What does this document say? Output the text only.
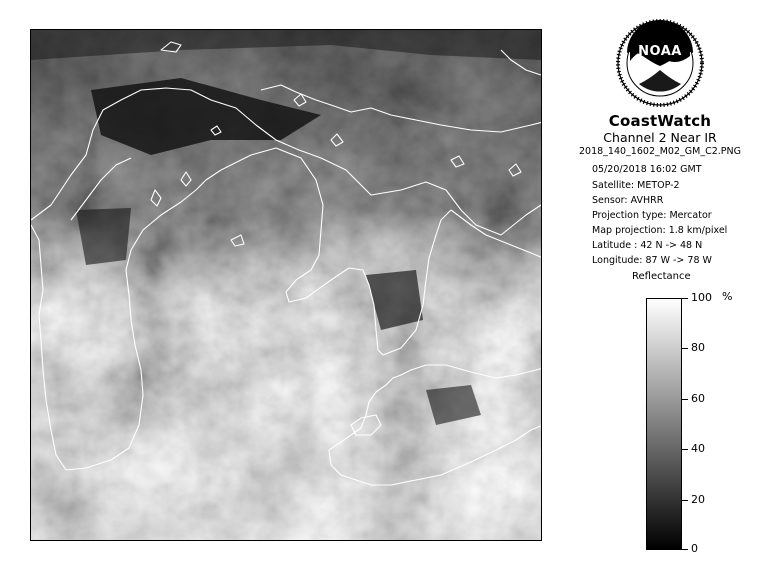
NOAA
CoastWatch
Channel 2 Near IR
2018_140_1602_M02_GM_C2.PNG
05/20/2018 16:02 GMT
Satellite: METOP-2
Sensor: AVHRR
Projection type: Mercator
Map projection: 1.8 km/pixel
Latitude : 42 N -> 48 N
Longitude: 87 W -> 78 W
Reflectance
%
100
80
60
40
20
0
